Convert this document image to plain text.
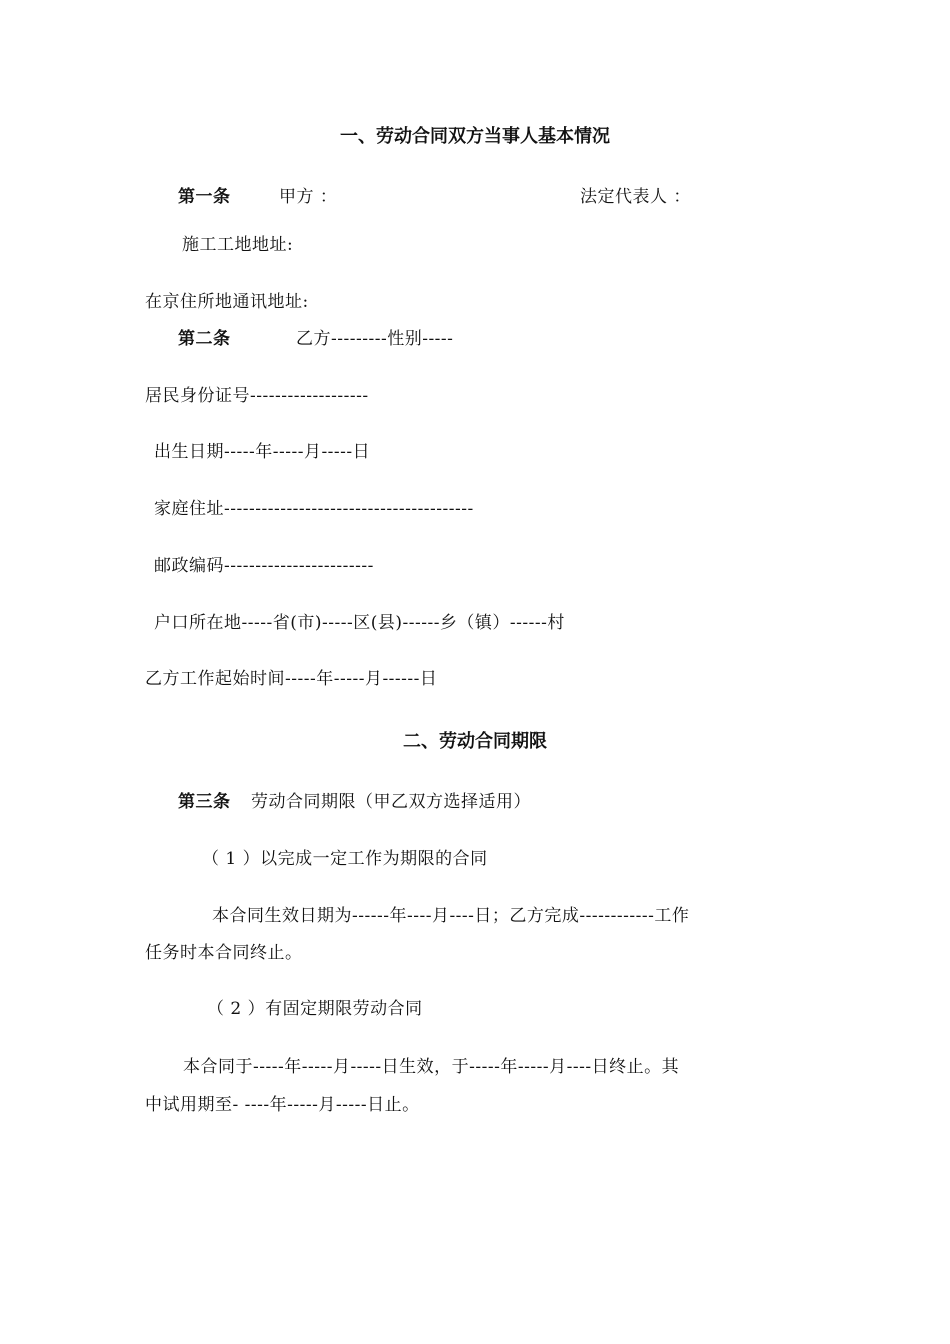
一、劳动合同双方当事人基本情况
第一条	甲方 ：	法定代表人 ：
施工工地地址:
在京住所地通讯地址:
第二条	乙方---------性别-----
居民身份证号-------------------
出生日期-----年-----月-----日
家庭住址----------------------------------------
邮政编码------------------------
户口所在地-----省(市)-----区(县)------乡（镇）------村
乙方工作起始时间-----年-----月------日
二、劳动合同期限
第三条 劳动合同期限（甲乙双方选择适用）
（ 1 ）以完成一定工作为期限的合同
本合同生效日期为------年----月----日；乙方完成------------工作
任务时本合同终止。
（ 2 ）有固定期限劳动合同
本合同于-----年-----月-----日生效，于-----年-----月----日终止。其
中试用期至- ----年-----月-----日止。
